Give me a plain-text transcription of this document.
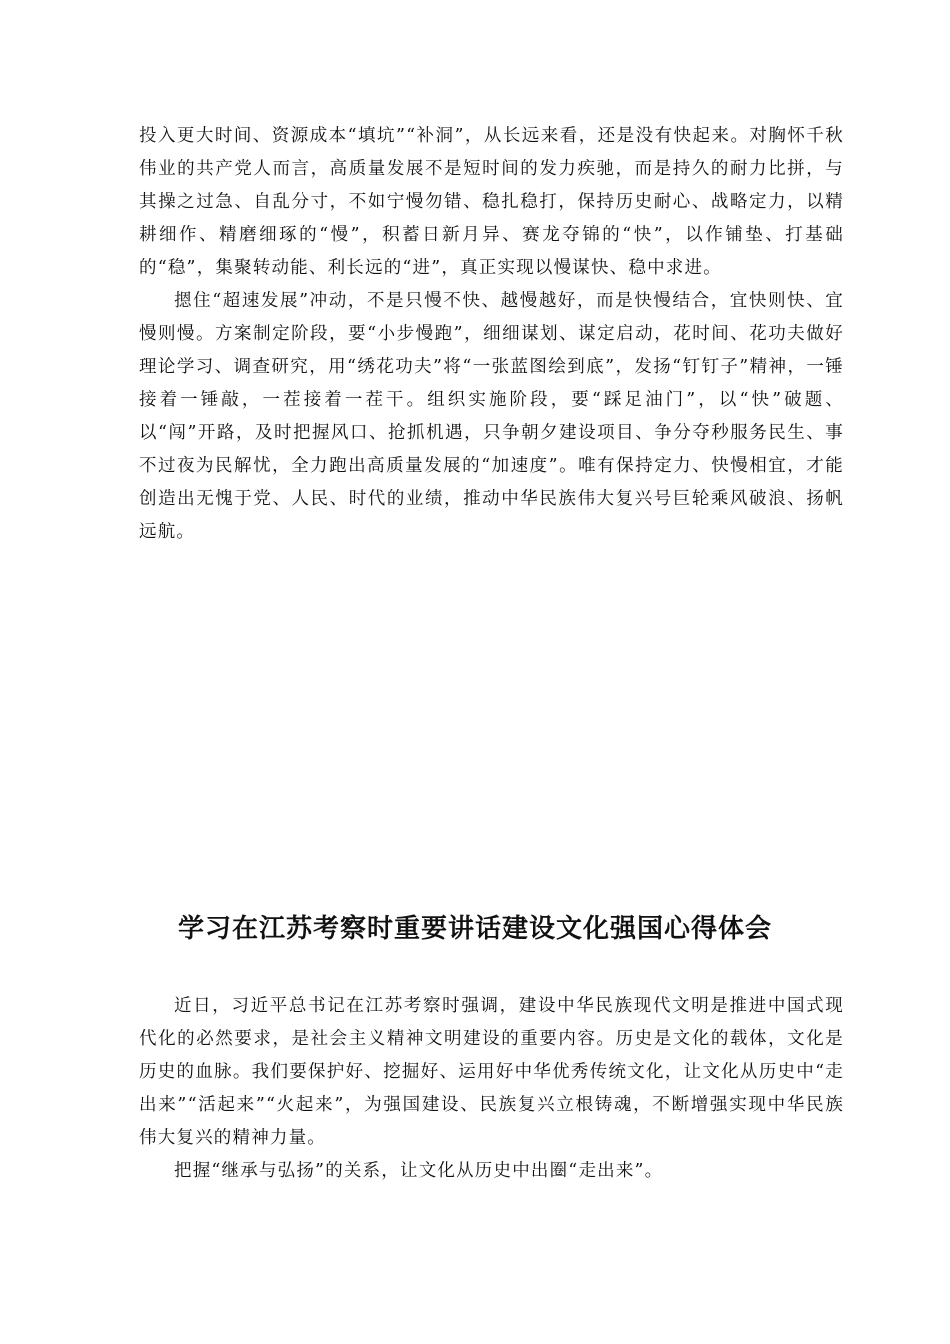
投入更大时间、资源成本“填坑”“补洞”，从长远来看，还是没有快起来。对胸怀千秋伟业的共产党人而言，高质量发展不是短时间的发力疾驰，而是持久的耐力比拼，与其操之过急、自乱分寸，不如宁慢勿错、稳扎稳打，保持历史耐心、战略定力，以精耕细作、精磨细琢的“慢”，积蓄日新月异、赛龙夺锦的“快”，以作铺垫、打基础的“稳”，集聚转动能、利长远的“进”，真正实现以慢谋快、稳中求进。

摁住“超速发展”冲动，不是只慢不快、越慢越好，而是快慢结合，宜快则快、宜慢则慢。方案制定阶段，要“小步慢跑”，细细谋划、谋定启动，花时间、花功夫做好理论学习、调查研究，用“绣花功夫”将“一张蓝图绘到底”，发扬“钉钉子”精神，一锤接着一锤敲，一茬接着一茬干。组织实施阶段，要“踩足油门”，以“快”破题、以“闯”开路，及时把握风口、抢抓机遇，只争朝夕建设项目、争分夺秒服务民生、事不过夜为民解忧，全力跑出高质量发展的“加速度”。唯有保持定力、快慢相宜，才能创造出无愧于党、人民、时代的业绩，推动中华民族伟大复兴号巨轮乘风破浪、扬帆远航。

学习在江苏考察时重要讲话建设文化强国心得体会

近日，习近平总书记在江苏考察时强调，建设中华民族现代文明是推进中国式现代化的必然要求，是社会主义精神文明建设的重要内容。历史是文化的载体，文化是历史的血脉。我们要保护好、挖掘好、运用好中华优秀传统文化，让文化从历史中“走出来”“活起来”“火起来”，为强国建设、民族复兴立根铸魂，不断增强实现中华民族伟大复兴的精神力量。

把握“继承与弘扬”的关系，让文化从历史中出圈“走出来”。
